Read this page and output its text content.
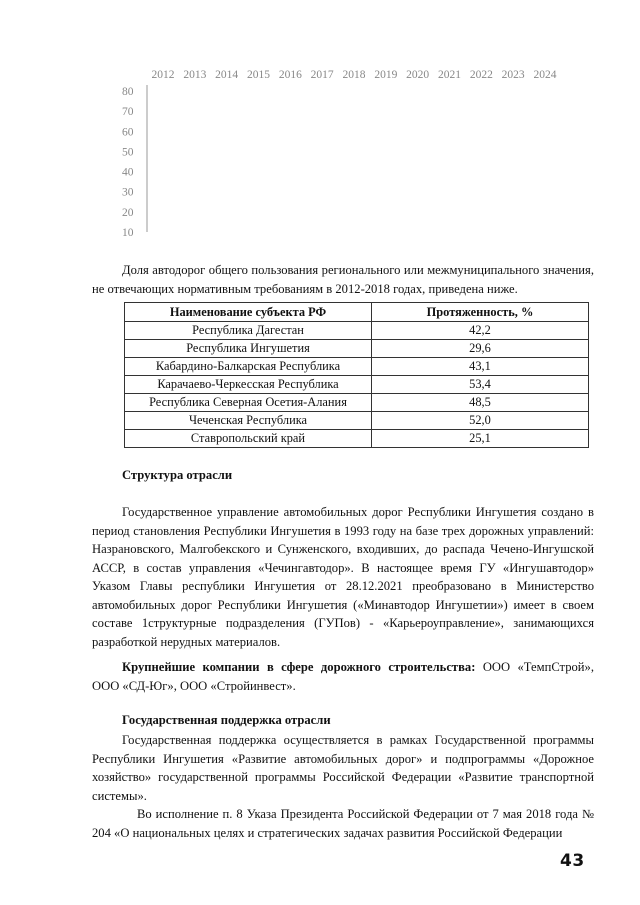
2012 2013 2014 2015 2016 2017 2018 2019 2020 2021 2022 2023 2024
80
70
60
50
40
30
20
10

Доля автодорог общего пользования регионального или межмуниципального значения, не отвечающих нормативным требованиям в 2012-2018 годах, приведена ниже.

Наименование субъекта РФ	Протяженность, %
Республика Дагестан	42,2
Республика Ингушетия	29,6
Кабардино-Балкарская Республика	43,1
Карачаево-Черкесская Республика	53,4
Республика Северная Осетия-Алания	48,5
Чеченская Республика	52,0
Ставропольский край	25,1

Структура отрасли

Государственное управление автомобильных дорог Республики Ингушетия создано в период становления Республики Ингушетия в 1993 году на базе трех дорожных управлений: Назрановского, Малгобекского и Сунженского, входивших, до распада Чечено-Ингушской АССР, в состав управления «Чечингавтодор». В настоящее время ГУ «Ингушавтодор» Указом Главы республики Ингушетия от 28.12.2021 преобразовано в Министерство автомобильных дорог Республики Ингушетия («Минавтодор Ингушетии») имеет в своем составе 1структурные подразделения (ГУПов) - «Карьероуправление», занимающихся разработкой нерудных материалов.

Крупнейшие компании в сфере дорожного строительства: ООО «ТемпСтрой», ООО «СД-Юг», ООО «Стройинвест».

Государственная поддержка отрасли

Государственная поддержка осуществляется в рамках Государственной программы Республики Ингушетия «Развитие автомобильных дорог» и подпрограммы «Дорожное хозяйство» государственной программы Российской Федерации «Развитие транспортной системы».

Во исполнение п. 8 Указа Президента Российской Федерации от 7 мая 2018 года № 204 «О национальных целях и стратегических задачах развития Российской Федерации

43
